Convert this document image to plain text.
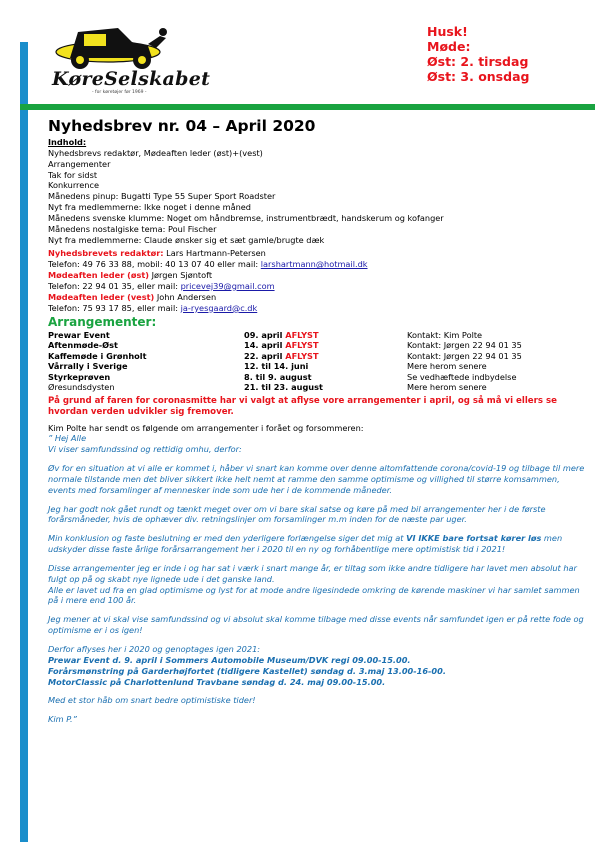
KøreSelskabet
- for køretøjer før 1969 -
Husk!
Møde:
Øst: 2. tirsdag
Øst: 3. onsdag
Nyhedsbrev nr. 04 – April 2020
Indhold:
Nyhedsbrevs redaktør, Mødeaften leder (øst)+(vest)
Arrangementer
Tak for sidst
Konkurrence
Månedens pinup: Bugatti Type 55 Super Sport Roadster
Nyt fra medlemmerne: Ikke noget i denne måned
Månedens svenske klumme: Noget om håndbremse, instrumentbrædt, handskerum og kofanger
Månedens nostalgiske tema: Poul Fischer
Nyt fra medlemmerne: Claude ønsker sig et sæt gamle/brugte dæk
Nyhedsbrevets redaktør: Lars Hartmann-Petersen
Telefon: 49 76 33 88, mobil: 40 13 07 40 eller mail: larshartmann@hotmail.dk
Mødeaften leder (øst) Jørgen Sjøntoft
Telefon: 22 94 01 35, eller mail: pricevej39@gmail.com
Mødeaften leder (vest) John Andersen
Telefon: 75 93 17 85, eller mail: ja-ryesgaard@c.dk
Arrangementer:
Prewar Event	09. april AFLYST	Kontakt: Kim Polte
Aftenmøde-Øst	14. april AFLYST	Kontakt: Jørgen 22 94 01 35
Kaffemøde i Grønholt	22. april AFLYST	Kontakt: Jørgen 22 94 01 35
Vårrally i Sverige	12. til 14. juni	Mere herom senere
Styrkeprøven	8. til 9. august	Se vedhæftede indbydelse
Øresundsdysten	21. til 23. august	Mere herom senere
På grund af faren for coronasmitte har vi valgt at aflyse vore arrangementer i april, og så må vi ellers se hvordan verden udvikler sig fremover.
Kim Polte har sendt os følgende om arrangementer i forået og forsommeren:
” Hej Alle

Vi viser samfundssind og rettidig omhu, derfor:

Øv for en situation at vi alle er kommet i, håber vi snart kan komme over denne altomfattende corona/covid-19 og tilbage til mere normale tilstande men det bliver sikkert ikke helt nemt at ramme den samme optimisme og villighed til større komsammen, events med forsamlinger af mennesker inde som ude her i de kommende måneder.

Jeg har godt nok gået rundt og tænkt meget over om vi bare skal satse og køre på med bil arrangementer her i de første forårsmåneder, hvis de ophæver div. retningslinjer om forsamlinger m.m inden for de næste par uger.

Min konklusion og faste beslutning er med den yderligere forlængelse siger det mig at VI IKKE bare fortsat kører løs men udskyder disse faste årlige forårsarrangement her i 2020 til en ny og forhåbentlige mere optimistisk tid i 2021!

Disse arrangementer jeg er inde i og har sat i værk i snart mange år, er tiltag som ikke andre tidligere har lavet men absolut har fulgt op på og skabt nye lignede ude i det ganske land.
Alle er lavet ud fra en glad optimisme og lyst for at mode andre ligesindede omkring de kørende maskiner vi har samlet sammen på i mere end 100 år.

Jeg mener at vi skal vise samfundssind og vi absolut skal komme tilbage med disse events når samfundet igen er på rette fode og optimisme er i os igen!

Derfor aflyses her i 2020 og genoptages igen 2021:
Prewar Event d. 9. april i Sommers Automobile Museum/DVK regi 09.00-15.00.
Forårsmønstring på Garderhøjfortet (tidligere Kastellet) søndag d. 3.maj 13.00-16-00.
MotorClassic på Charlottenlund Travbane søndag d. 24. maj 09.00-15.00.

Med et stor håb om snart bedre optimistiske tider!

Kim P.”
